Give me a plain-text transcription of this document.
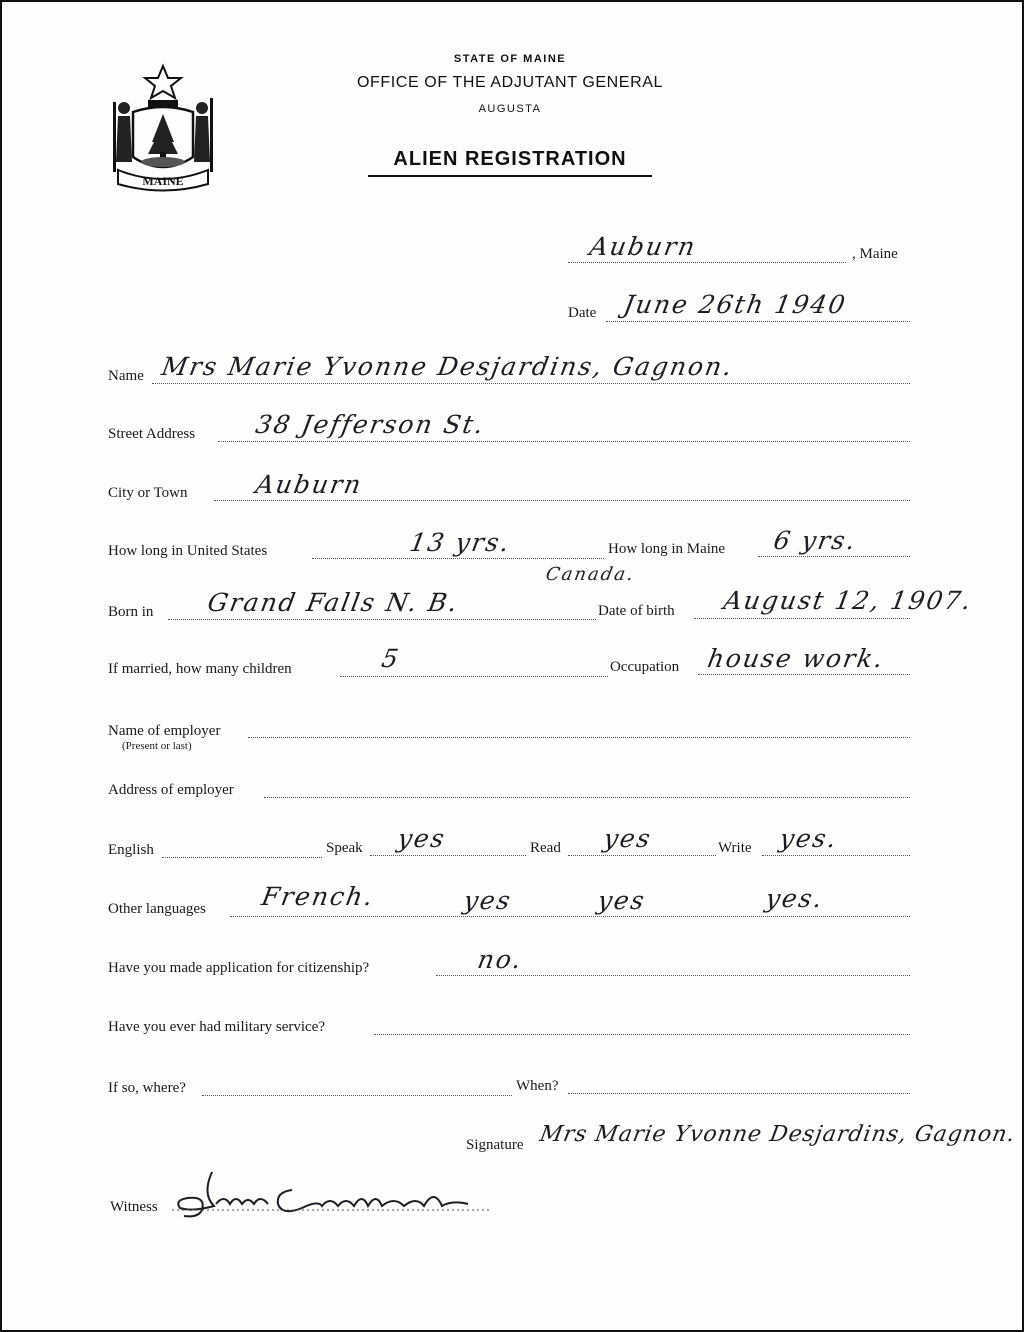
MAINE
STATE OF MAINE
OFFICE OF THE ADJUTANT GENERAL
AUGUSTA
ALIEN REGISTRATION
Auburn	, Maine
Date June 26th 1940
Name Mrs Marie Yvonne Desjardins, Gagnon.
Street Address 38 Jefferson St.
City or Town	Auburn
How long in United States	13 yrs.	How long in Maine 6 yrs.
Born in Grand Falls N. B.
Canada.
Date of birth August 12, 1907.
If married, how many children	5	Occupation house work.
Name of employer
(Present or last)
Address of employer
English	Speak yes	Read yes	Write yes.
Other languages French.	yes	yes	yes.
Have you made application for citizenship?	no.
Have you ever had military service?
If so, where?	When?
Signature Mrs Marie Yvonne Desjardins, Gagnon.
Witness
